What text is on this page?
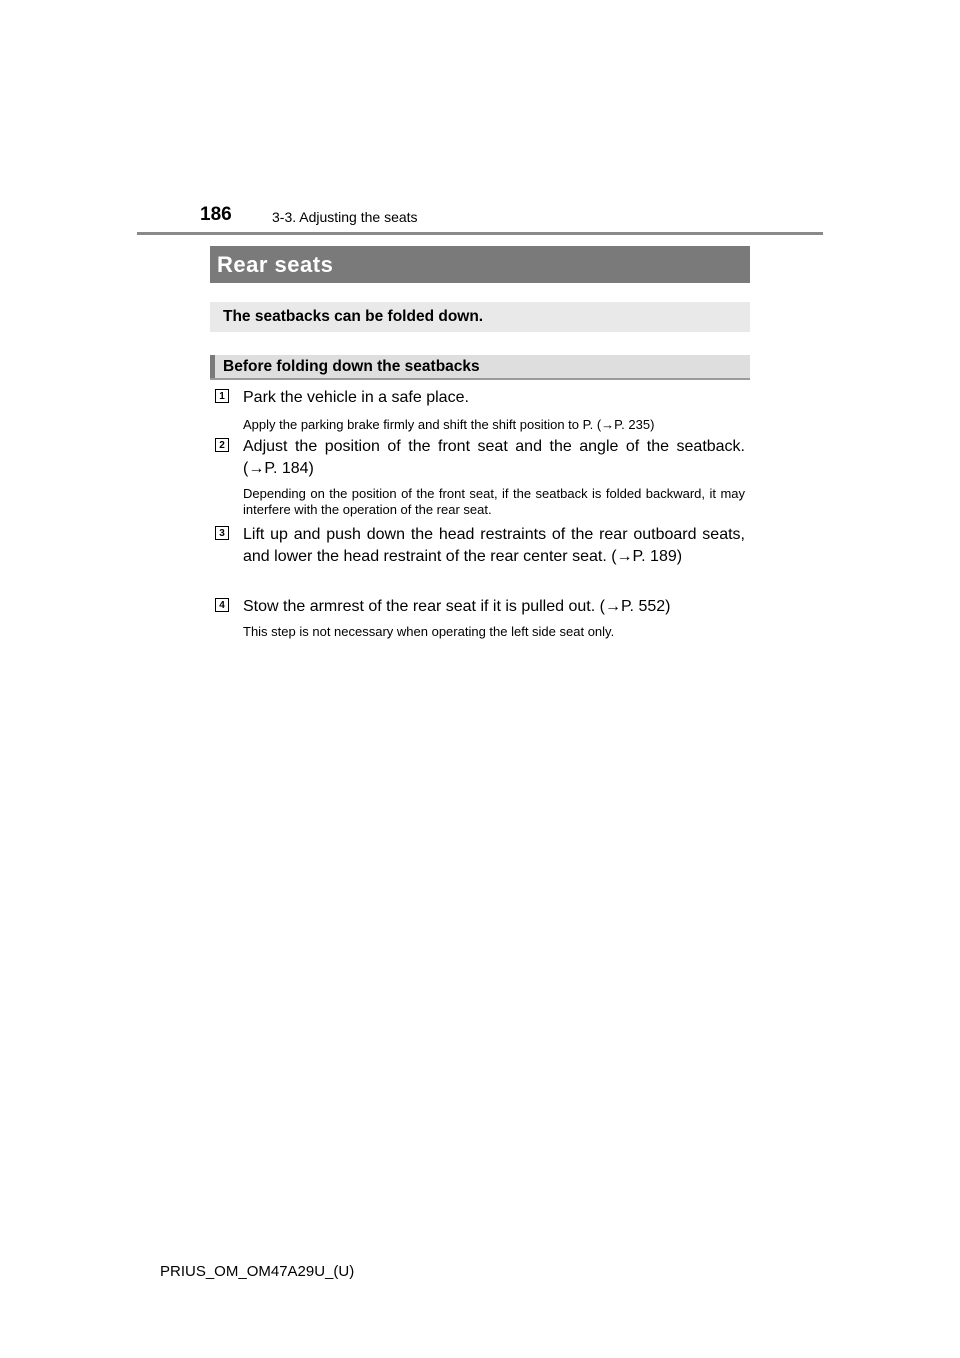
186	3-3. Adjusting the seats
Rear seats
The seatbacks can be folded down.
Before folding down the seatbacks
1 Park the vehicle in a safe place.
Apply the parking brake firmly and shift the shift position to P. (→P. 235)
2 Adjust the position of the front seat and the angle of the seatback. (→P. 184)
Depending on the position of the front seat, if the seatback is folded backward, it may interfere with the operation of the rear seat.
3 Lift up and push down the head restraints of the rear outboard seats, and lower the head restraint of the rear center seat. (→P. 189)
4 Stow the armrest of the rear seat if it is pulled out. (→P. 552)
This step is not necessary when operating the left side seat only.
PRIUS_OM_OM47A29U_(U)
